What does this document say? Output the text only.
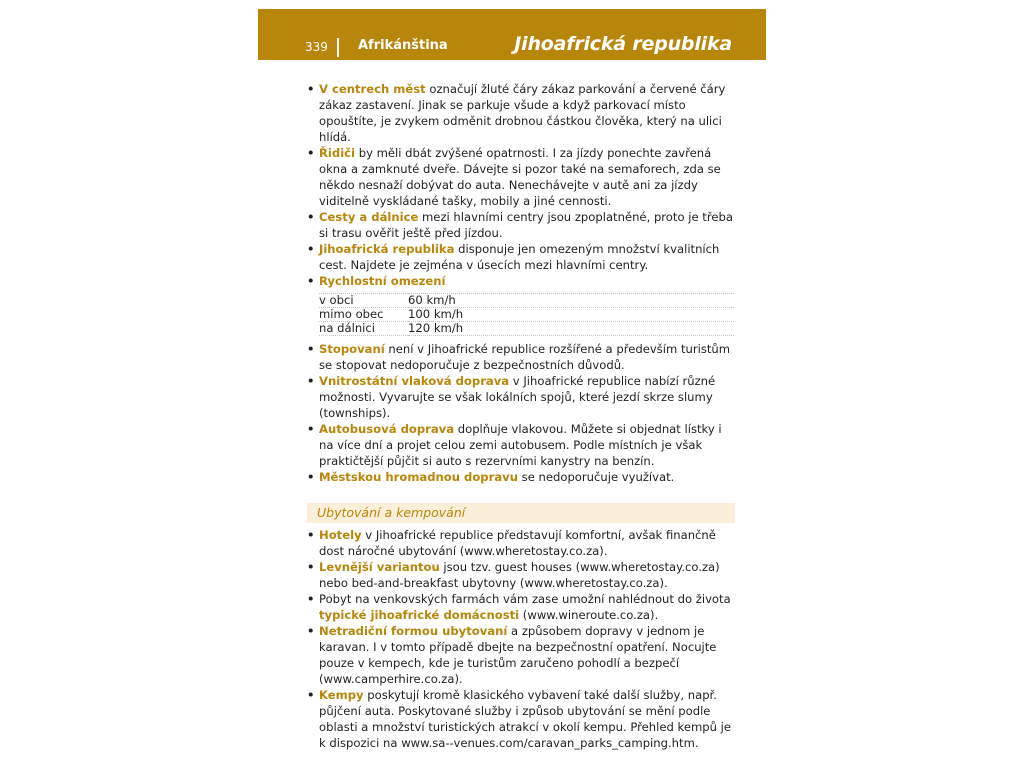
339 Afrikánština	Jihoafrická republika
• V centrech měst označují žluté čáry zákaz parkování a červené čáry zákaz zastavení. Jinak se parkuje všude a když parkovací místo opouštíte, je zvykem odměnit drobnou částkou člověka, který na ulici hlídá.
• Řidiči by měli dbát zvýšené opatrnosti. I za jízdy ponechte zavřená okna a zamknuté dveře. Dávejte si pozor také na semaforech, zda se někdo nesnaží dobývat do auta. Nenechávejte v autě ani za jízdy viditelně vyskládané tašky, mobily a jiné cennosti.
• Cesty a dálnice mezi hlavními centry jsou zpoplatněné, proto je třeba si trasu ověřit ještě před jízdou.
• Jihoafrická republika disponuje jen omezeným množství kvalitních cest. Najdete je zejména v úsecích mezi hlavními centry.
• Rychlostní omezení
v obci	60 km/h
mimo obec	100 km/h
na dálnici	120 km/h
• Stopovaní není v Jihoafrické republice rozšířené a především turistům se stopovat nedoporučuje z bezpečnostních důvodů.
• Vnitrostátní vlaková doprava v Jihoafrické republice nabízí různé možnosti. Vyvarujte se však lokálních spojů, které jezdí skrze slumy (townships).
• Autobusová doprava doplňuje vlakovou. Můžete si objednat lístky i na více dní a projet celou zemi autobusem. Podle místních je však praktičtější půjčit si auto s rezervními kanystry na benzín.
• Městskou hromadnou dopravu se nedoporučuje využívat.
Ubytování a kempování
• Hotely v Jihoafrické republice představují komfortní, avšak finančně dost náročné ubytování (www.wheretostay.co.za).
• Levnější variantou jsou tzv. guest houses (www.wheretostay.co.za) nebo bed-and-breakfast ubytovny (www.wheretostay.co.za).
• Pobyt na venkovských farmách vám zase umožní nahlédnout do života typické jihoafrické domácnosti (www.wineroute.co.za).
• Netradiční formou ubytovaní a způsobem dopravy v jednom je karavan. I v tomto případě dbejte na bezpečnostní opatření. Nocujte pouze v kempech, kde je turistům zaručeno pohodlí a bezpečí (www.camperhire.co.za).
• Kempy poskytují kromě klasického vybavení také další služby, např. půjčení auta. Poskytované služby i způsob ubytování se mění podle oblasti a množství turistických atrakcí v okolí kempu. Přehled kempů je k dispozici na www.sa--venues.com/caravan_parks_camping.htm.
